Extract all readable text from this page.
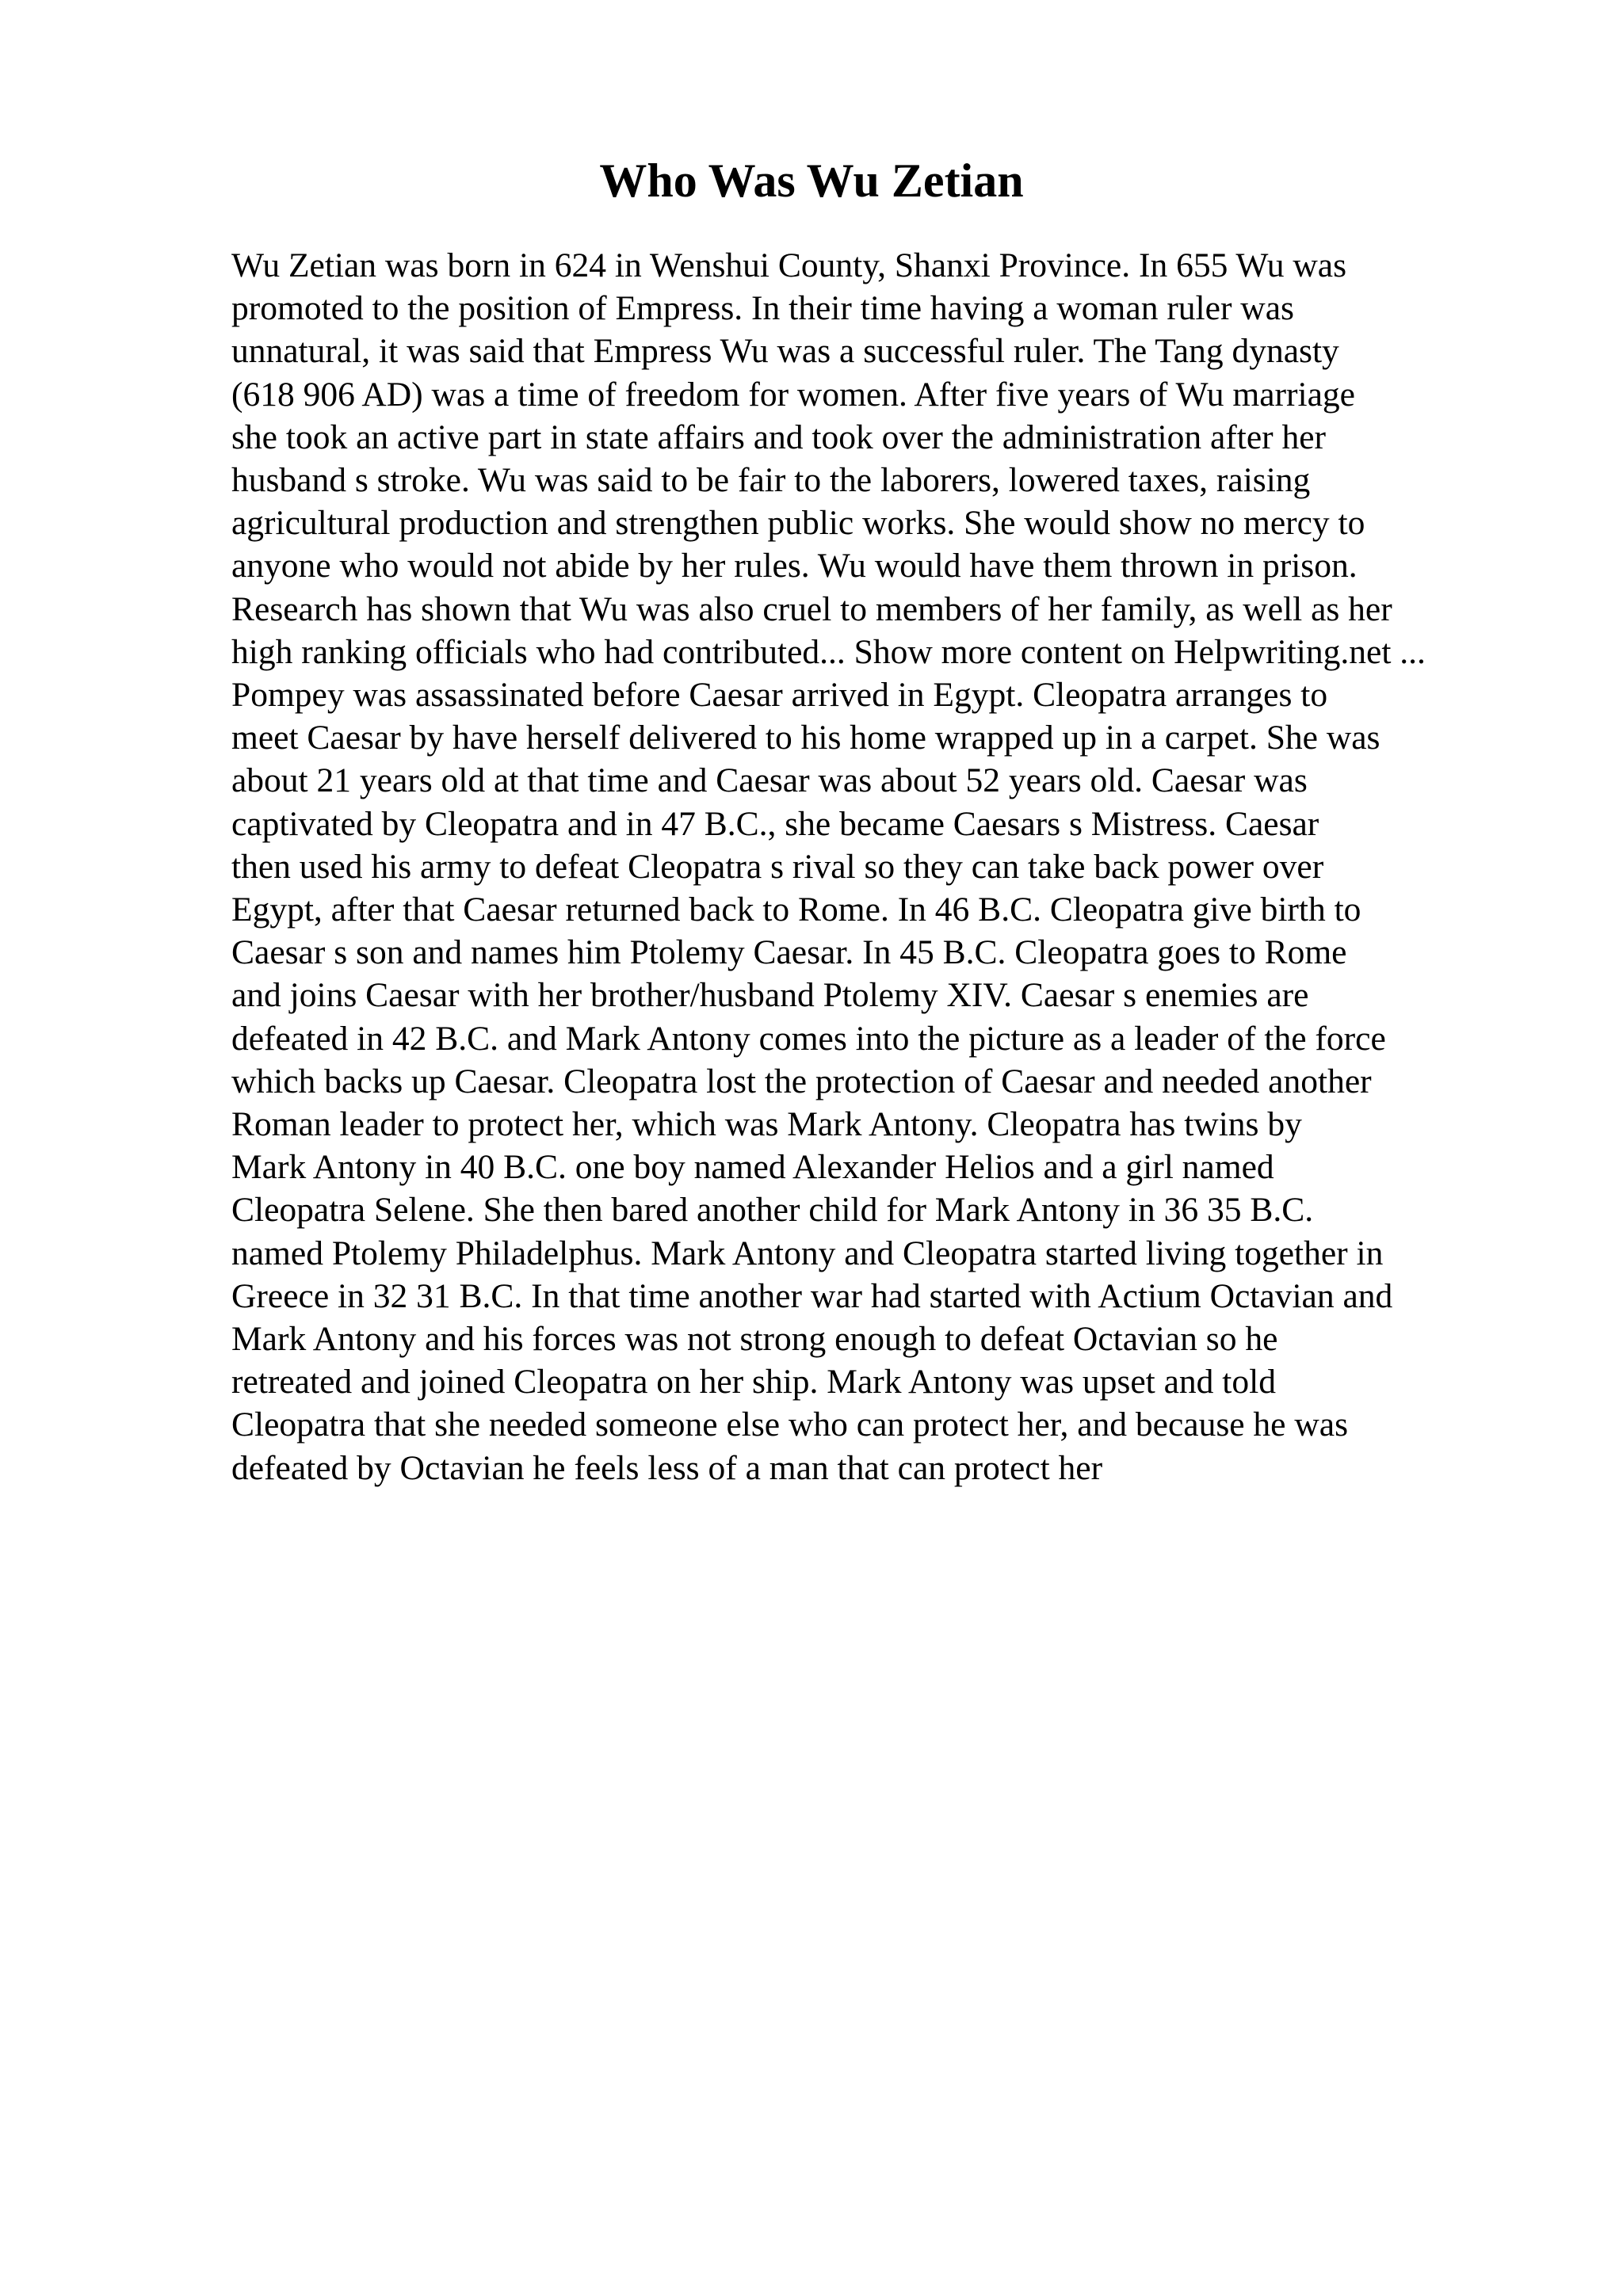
Who Was Wu Zetian
Wu Zetian was born in 624 in Wenshui County, Shanxi Province. In 655 Wu was
promoted to the position of Empress. In their time having a woman ruler was
unnatural, it was said that Empress Wu was a successful ruler. The Tang dynasty
(618 906 AD) was a time of freedom for women. After five years of Wu marriage
she took an active part in state affairs and took over the administration after her
husband s stroke. Wu was said to be fair to the laborers, lowered taxes, raising
agricultural production and strengthen public works. She would show no mercy to
anyone who would not abide by her rules. Wu would have them thrown in prison.
Research has shown that Wu was also cruel to members of her family, as well as her
high ranking officials who had contributed... Show more content on Helpwriting.net ...
Pompey was assassinated before Caesar arrived in Egypt. Cleopatra arranges to
meet Caesar by have herself delivered to his home wrapped up in a carpet. She was
about 21 years old at that time and Caesar was about 52 years old. Caesar was
captivated by Cleopatra and in 47 B.C., she became Caesars s Mistress. Caesar
then used his army to defeat Cleopatra s rival so they can take back power over
Egypt, after that Caesar returned back to Rome. In 46 B.C. Cleopatra give birth to
Caesar s son and names him Ptolemy Caesar. In 45 B.C. Cleopatra goes to Rome
and joins Caesar with her brother/husband Ptolemy XIV. Caesar s enemies are
defeated in 42 B.C. and Mark Antony comes into the picture as a leader of the force
which backs up Caesar. Cleopatra lost the protection of Caesar and needed another
Roman leader to protect her, which was Mark Antony. Cleopatra has twins by
Mark Antony in 40 B.C. one boy named Alexander Helios and a girl named
Cleopatra Selene. She then bared another child for Mark Antony in 36 35 B.C.
named Ptolemy Philadelphus. Mark Antony and Cleopatra started living together in
Greece in 32 31 B.C. In that time another war had started with Actium Octavian and
Mark Antony and his forces was not strong enough to defeat Octavian so he
retreated and joined Cleopatra on her ship. Mark Antony was upset and told
Cleopatra that she needed someone else who can protect her, and because he was
defeated by Octavian he feels less of a man that can protect her
